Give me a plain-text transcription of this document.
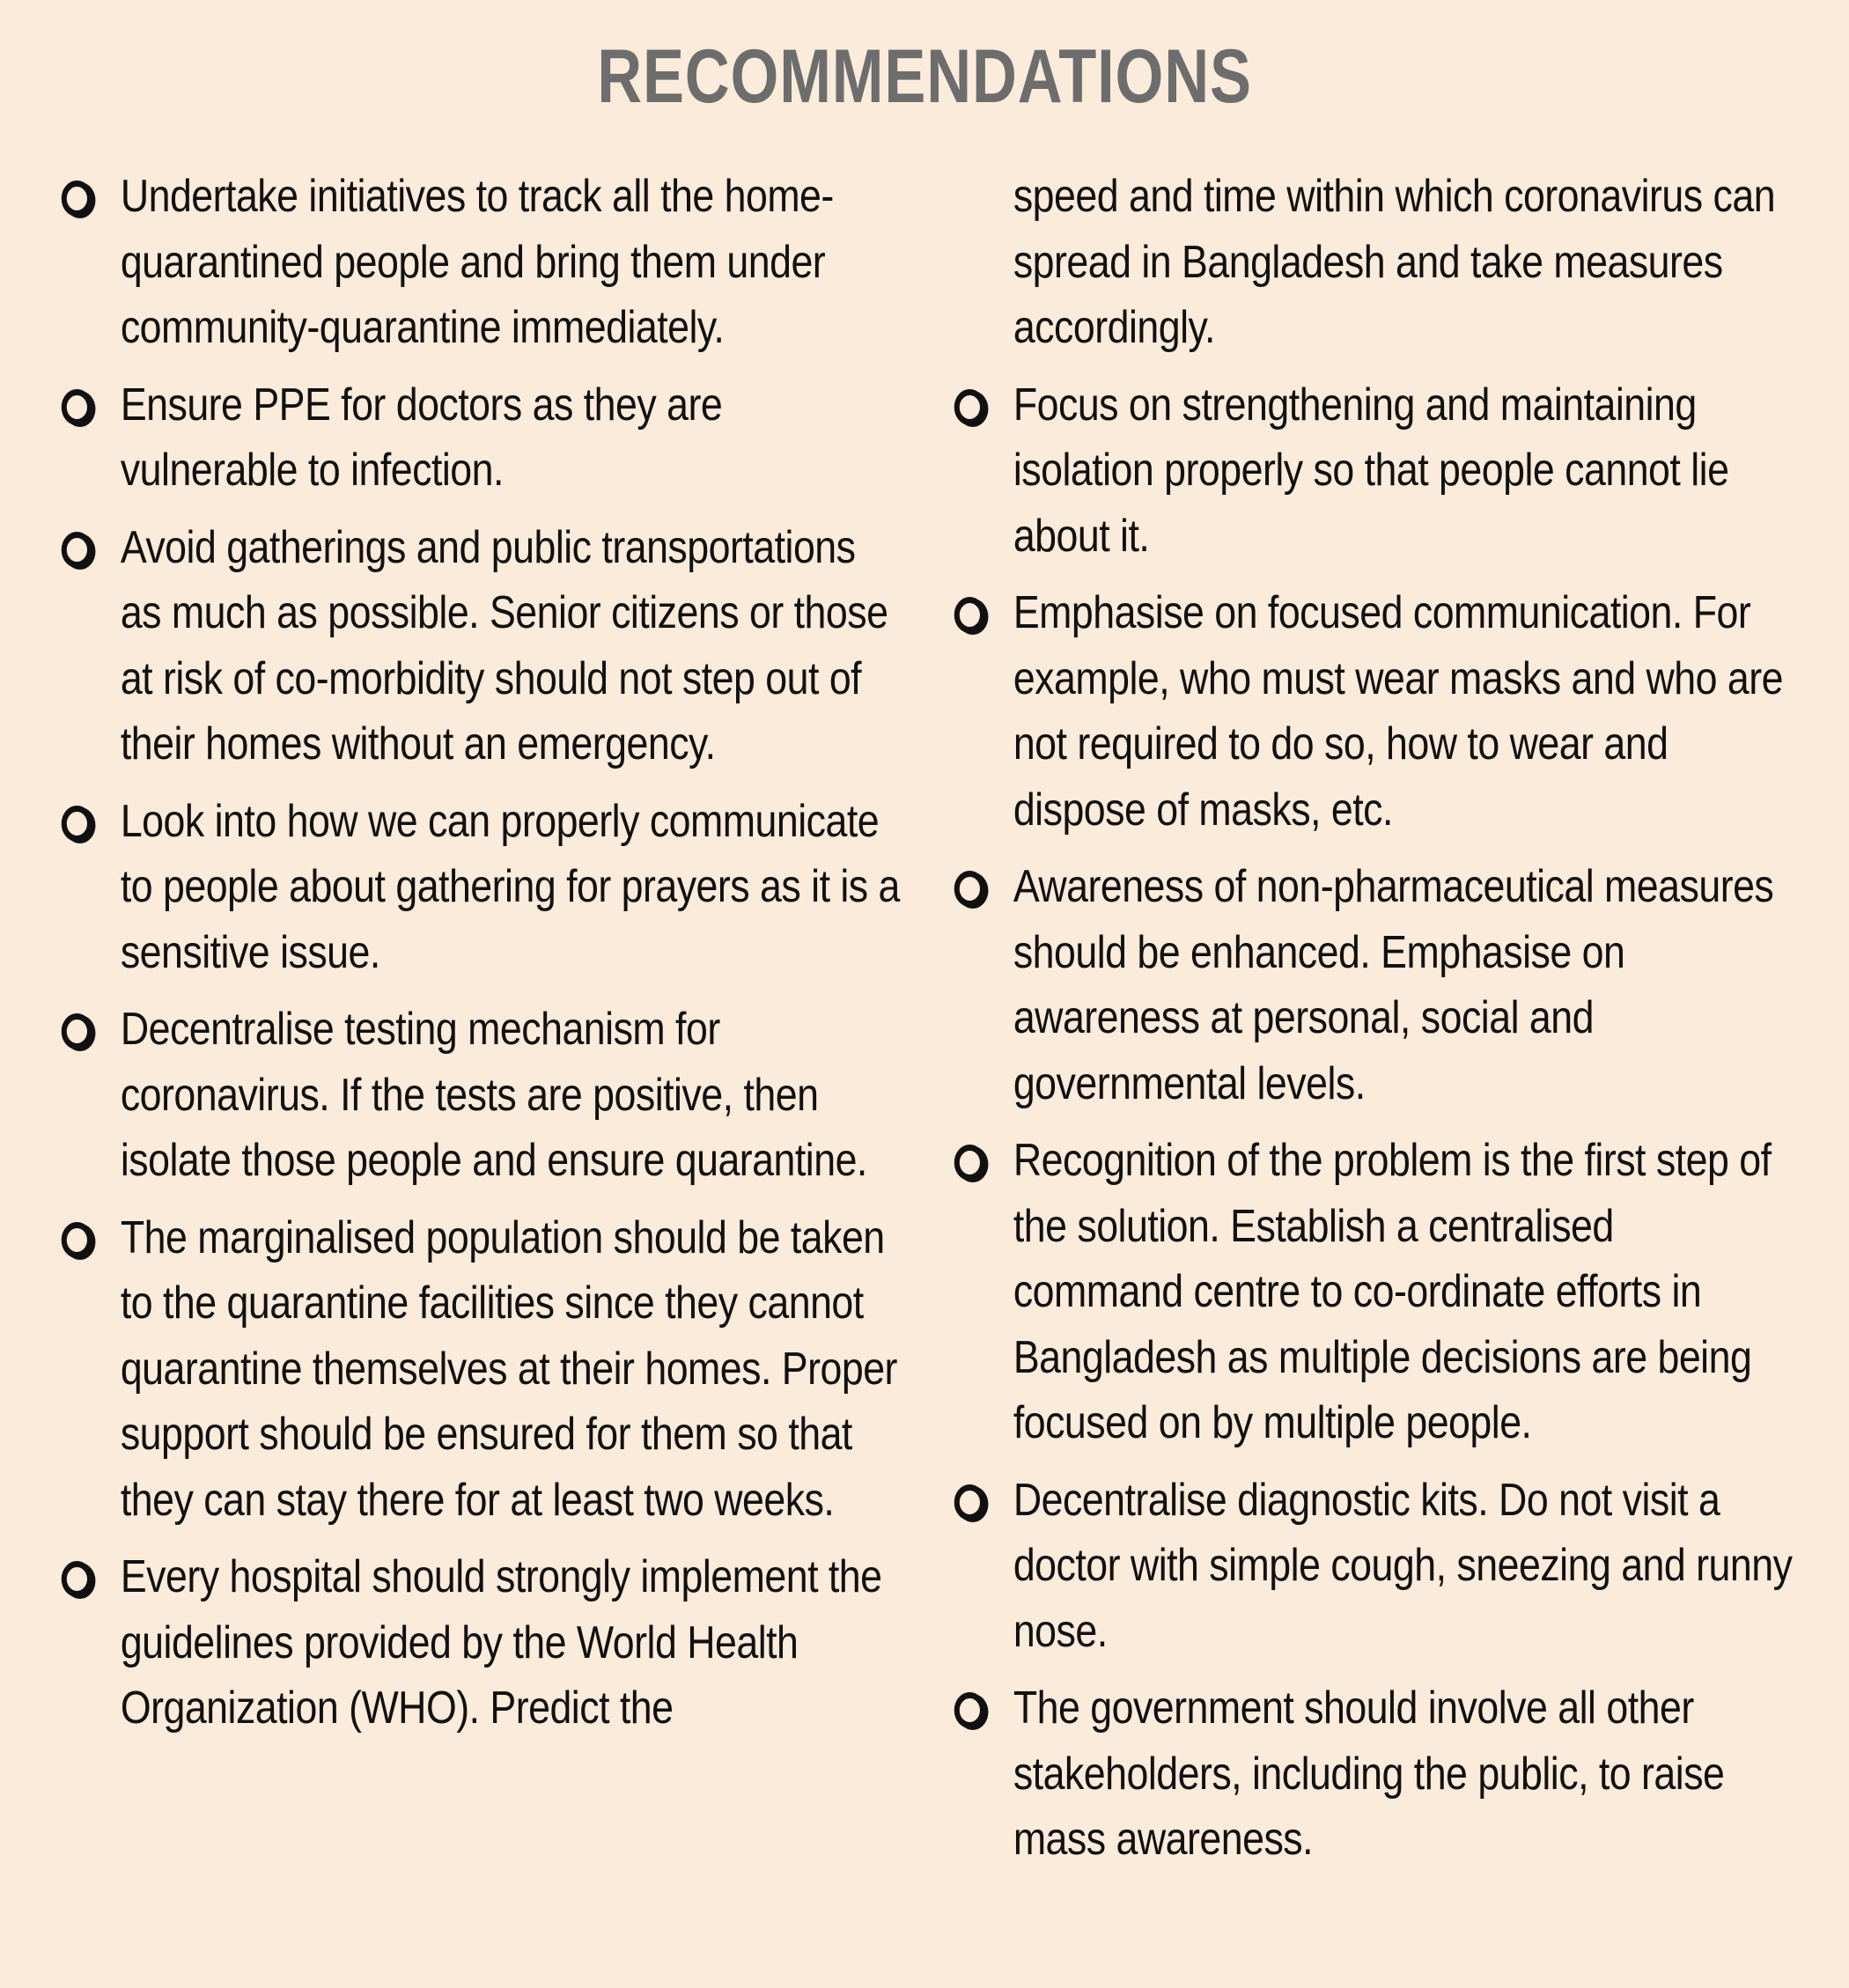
RECOMMENDATIONS
Undertake initiatives to track all the home-quarantined people and bring them under community-quarantine immediately.
Ensure PPE for doctors as they are vulnerable to infection.
Avoid gatherings and public transportations as much as possible. Senior citizens or those at risk of co-morbidity should not step out of their homes without an emergency.
Look into how we can properly communicate to people about gathering for prayers as it is a sensitive issue.
Decentralise testing mechanism for coronavirus. If the tests are positive, then isolate those people and ensure quarantine.
The marginalised population should be taken to the quarantine facilities since they cannot quarantine themselves at their homes. Proper support should be ensured for them so that they can stay there for at least two weeks.
Every hospital should strongly implement the guidelines provided by the World Health Organization (WHO). Predict the
speed and time within which coronavirus can spread in Bangladesh and take measures accordingly.
Focus on strengthening and maintaining isolation properly so that people cannot lie about it.
Emphasise on focused communication. For example, who must wear masks and who are not required to do so, how to wear and dispose of masks, etc.
Awareness of non-pharmaceutical measures should be enhanced. Emphasise on awareness at personal, social and governmental levels.
Recognition of the problem is the first step of the solution. Establish a centralised command centre to co-ordinate efforts in Bangladesh as multiple decisions are being focused on by multiple people.
Decentralise diagnostic kits. Do not visit a doctor with simple cough, sneezing and runny nose.
The government should involve all other stakeholders, including the public, to raise mass awareness.
